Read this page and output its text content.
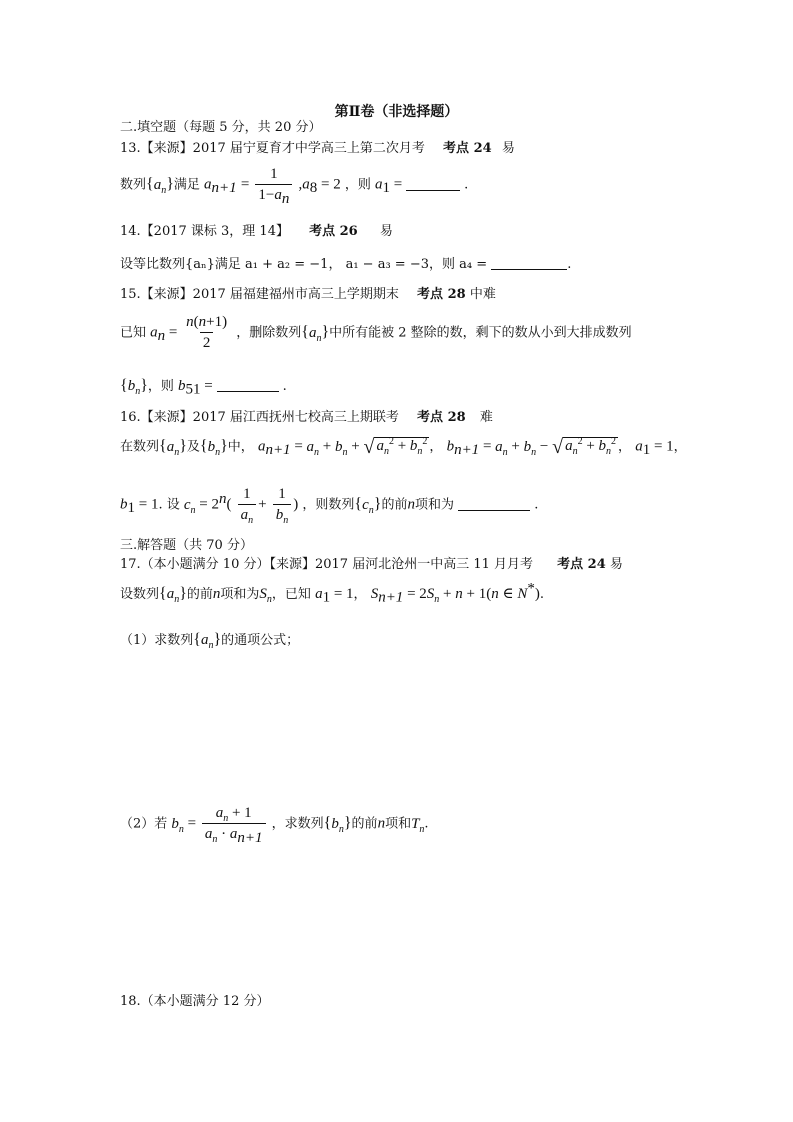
第Ⅱ卷（非选择题）
二.填空题（每题 5 分，共 20 分）
13.【来源】2017 届宁夏育才中学高三上第二次月考 考点 24 易
数列$\{a_n\}$满足 $a_{n+1} = \frac{1}{1-a_n} ,a_8 = 2$ ，则 $a_1$ =	.
14.【2017 课标 3，理 14】 考点 26 易
设等比数列{aₙ}满足 a₁ + a₂ = −1， a₁ − a₃ = −3，则 a₄ =	.
15.【来源】2017 届福建福州市高三上学期期末 考点 28 中难
已知 $a_n = \frac{n(n+1)}{2}$ ，删除数列$\{a_n\}$中所有能被 2 整除的数，剩下的数从小到大排成数列
$\{b_n\}$，则 $b_{51}$ =	.
16.【来源】2017 届江西抚州七校高三上期联考 考点 28 难
在数列$\{a_n\}$及$\{b_n\}$中， $a_{n+1} = a_n + b_n$ + √ $a_n^2 + b_n^2$ ， $b_{n+1} = a_n + b_n$ − √ $a_n^2 + b_n^2$ ， $a_1 = 1$，
$b_1 = 1$. 设 $c_n = 2^n( \frac{1}{a_n} + \frac{1}{b_n}$ ) ，则数列$\{c_n\}$的前n项和为	.
三.解答题（共 70 分）
17.（本小题满分 10 分）【来源】2017 届河北沧州一中高三 11 月月考 考点 24 易
设数列$\{a_n\}$的前n项和为$S_n$，已知 $a_1 = 1$， $S_{n+1} = 2S_n + n + 1(n$ ∈ N*).
（1）求数列$\{a_n\}$的通项公式；
（2）若 $b_n = \frac{a_n + 1}{a_n \cdot a_{n+1}}$ ，求数列$\{b_n\}$的前n项和$T_n$.
18.（本小题满分 12 分）
